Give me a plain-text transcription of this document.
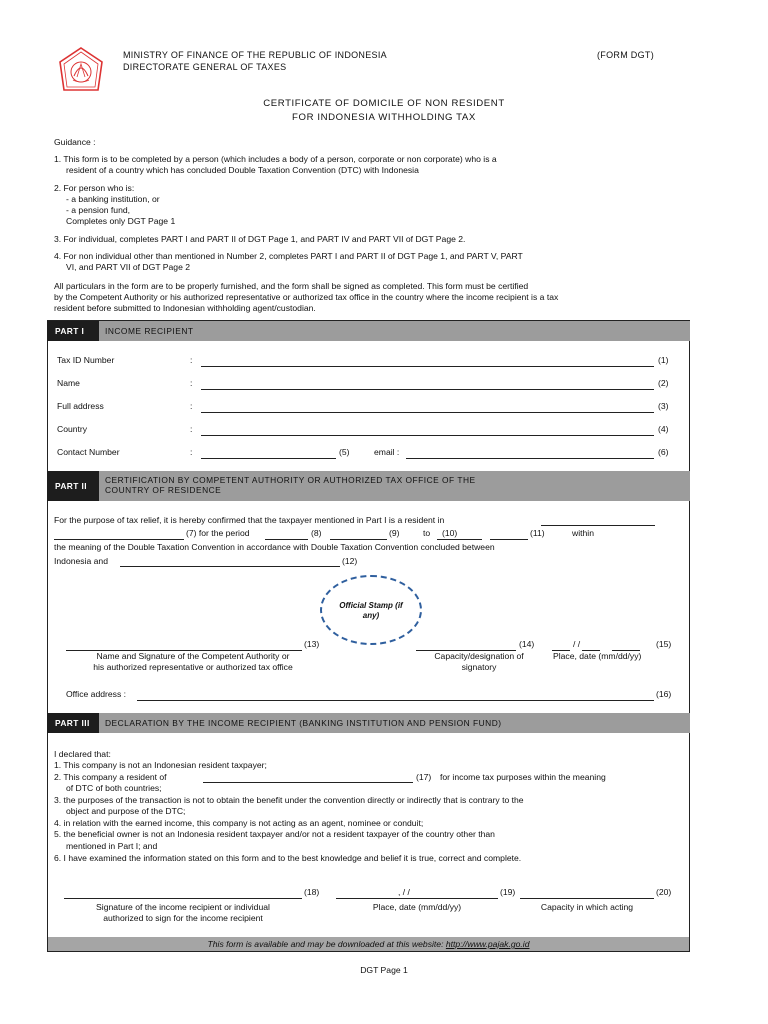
MINISTRY OF FINANCE OF THE REPUBLIC OF INDONESIA
DIRECTORATE GENERAL OF TAXES
(FORM DGT)
CERTIFICATE OF DOMICILE OF NON RESIDENT
FOR INDONESIA WITHHOLDING TAX
Guidance :
1. This form is to be completed by a person (which includes a body of a person, corporate or non corporate) who is a
resident of a country which has concluded Double Taxation Convention (DTC) with Indonesia
2. For person who is:
- a banking institution, or
- a pension fund,
Completes only DGT Page 1
3. For individual, completes PART I and PART II of DGT Page 1, and PART IV and PART VII of DGT Page 2.
4. For non individual other than mentioned in Number 2, completes PART I and PART II of DGT Page 1, and PART V, PART
VI, and PART VII of DGT Page 2
All particulars in the form are to be properly furnished, and the form shall be signed as completed. This form must be certified
by the Competent Authority or his authorized representative or authorized tax office in the country where the income recipient is a tax
resident before submitted to Indonesian withholding agent/custodian.
PART I	INCOME RECIPIENT
Tax ID Number	:	(1)
Name	:	(2)
Full address	:	(3)
Country	:	(4)
Contact Number	:	(5)	email :	(6)
PART II
CERTIFICATION BY COMPETENT AUTHORITY OR AUTHORIZED TAX OFFICE OF THE
COUNTRY OF RESIDENCE
For the purpose of tax relief, it is hereby confirmed that the taxpayer mentioned in Part I is a resident in
(7) for the period	(8)	(9)	to (10)	(11)	within
the meaning of the Double Taxation Convention in accordance with Double Taxation Convention concluded between
Indonesia and	(12)
Official Stamp (if
any)
(13)	(14)	/ /	(15)
Name and Signature of the Competent Authority or
his authorized representative or authorized tax office
Capacity/designation of
signatory
Place, date (mm/dd/yy)
Office address :	(16)
PART III	DECLARATION BY THE INCOME RECIPIENT (BANKING INSTITUTION AND PENSION FUND)
I declared that:
1. This company is not an Indonesian resident taxpayer;
2. This company a resident of	(17) for income tax purposes within the meaning
of DTC of both countries;
3. the purposes of the transaction is not to obtain the benefit under the convention directly or indirectly that is contrary to the
object and purpose of the DTC;
4. in relation with the earned income, this company is not acting as an agent, nominee or conduit;
5. the beneficial owner is not an Indonesia resident taxpayer and/or not a resident taxpayer of the country other than
mentioned in Part I; and
6. I have examined the information stated on this form and to the best knowledge and belief it is true, correct and complete.
(18)	, / /	(19)	(20)
Signature of the income recipient or individual
authorized to sign for the income recipient
Place, date (mm/dd/yy)	Capacity in which acting
This form is available and may be downloaded at this website: http://www.pajak.go.id
DGT Page 1
